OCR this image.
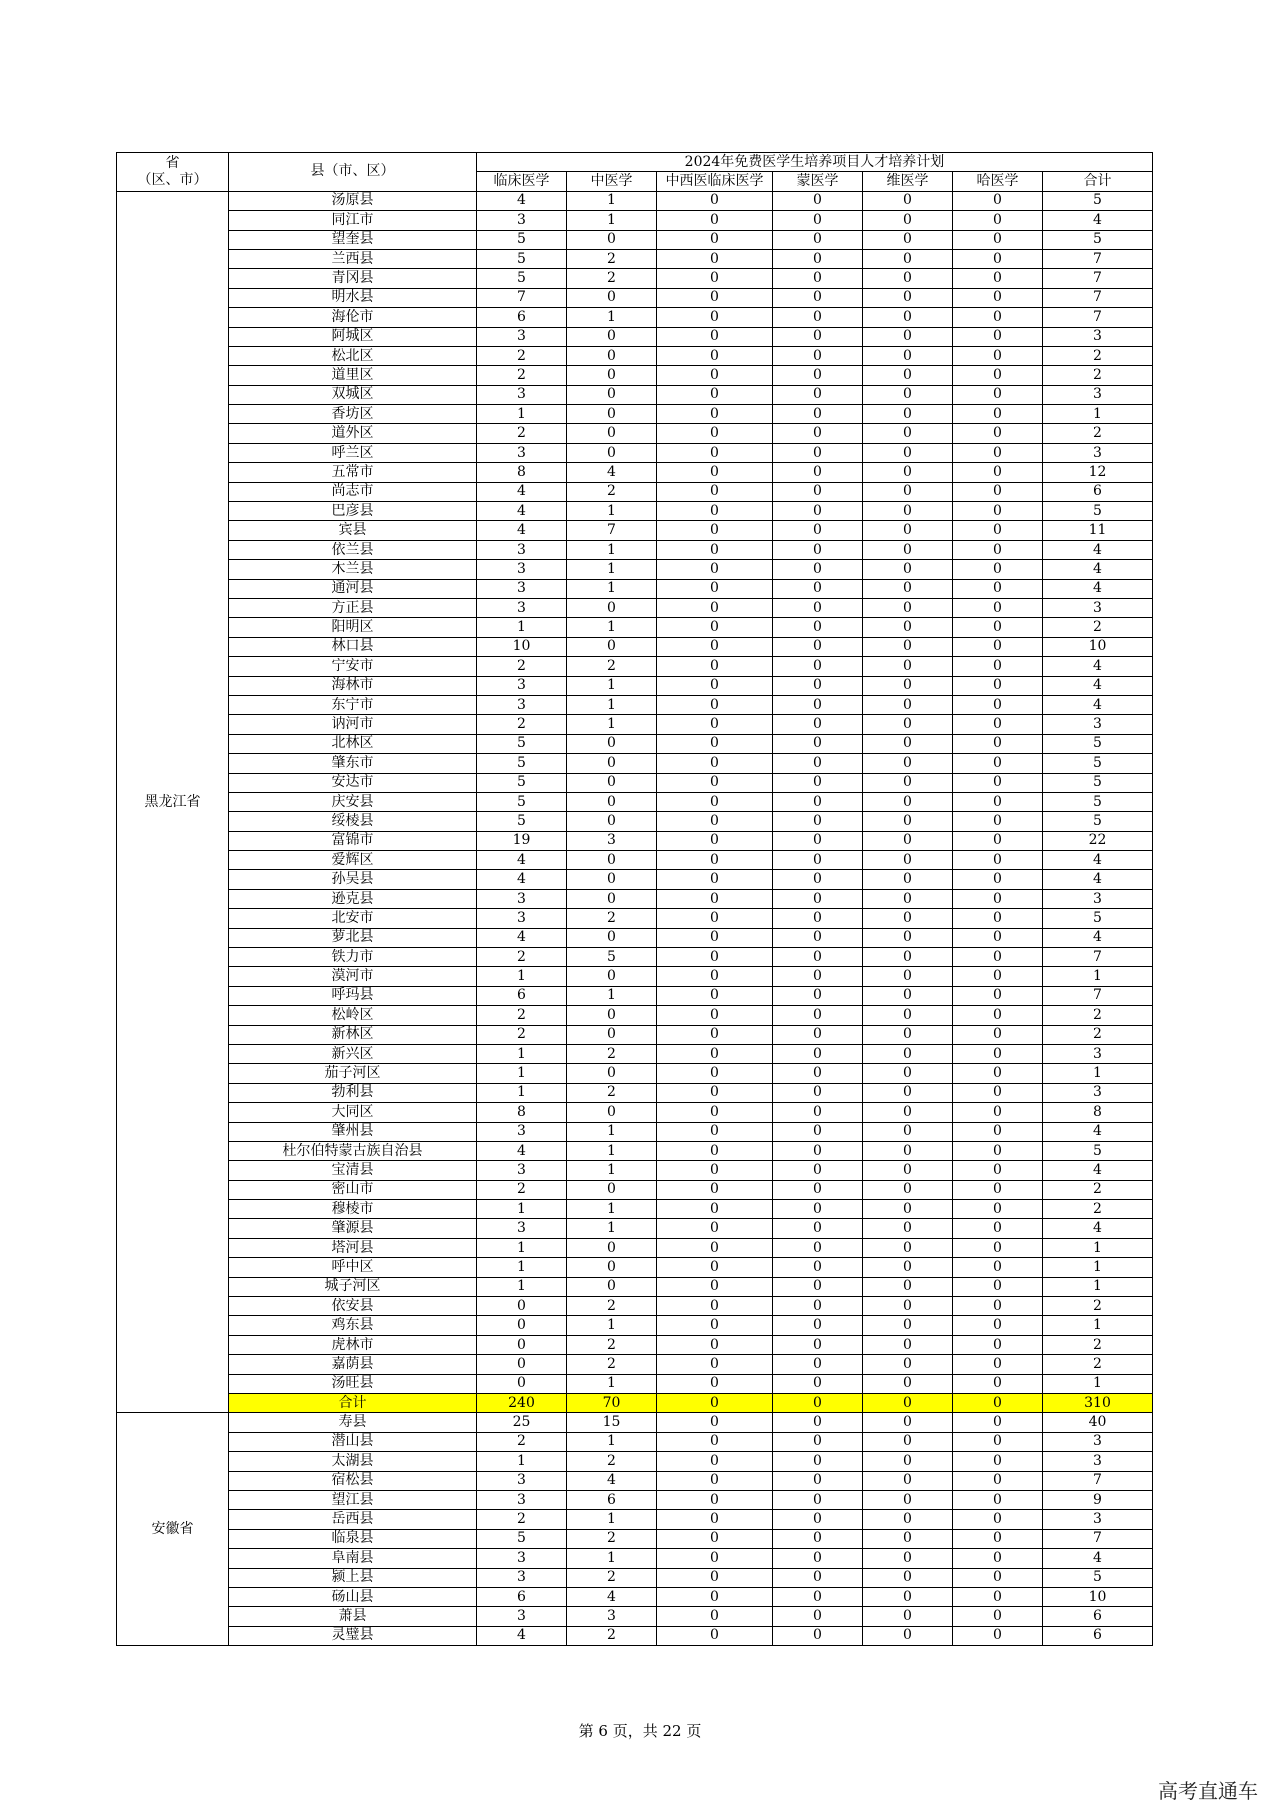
省
（区、市）	县（市、区）	2024年免费医学生培养项目人才培养计划						
		临床医学	中医学	中西医临床医学	蒙医学	维医学	哈医学	合计
黑龙江省	汤原县	4	1	0	0	0	0	5
	同江市	3	1	0	0	0	0	4
	望奎县	5	0	0	0	0	0	5
	兰西县	5	2	0	0	0	0	7
	青冈县	5	2	0	0	0	0	7
	明水县	7	0	0	0	0	0	7
	海伦市	6	1	0	0	0	0	7
	阿城区	3	0	0	0	0	0	3
	松北区	2	0	0	0	0	0	2
	道里区	2	0	0	0	0	0	2
	双城区	3	0	0	0	0	0	3
	香坊区	1	0	0	0	0	0	1
	道外区	2	0	0	0	0	0	2
	呼兰区	3	0	0	0	0	0	3
	五常市	8	4	0	0	0	0	12
	尚志市	4	2	0	0	0	0	6
	巴彦县	4	1	0	0	0	0	5
	宾县	4	7	0	0	0	0	11
	依兰县	3	1	0	0	0	0	4
	木兰县	3	1	0	0	0	0	4
	通河县	3	1	0	0	0	0	4
	方正县	3	0	0	0	0	0	3
	阳明区	1	1	0	0	0	0	2
	林口县	10	0	0	0	0	0	10
	宁安市	2	2	0	0	0	0	4
	海林市	3	1	0	0	0	0	4
	东宁市	3	1	0	0	0	0	4
	讷河市	2	1	0	0	0	0	3
	北林区	5	0	0	0	0	0	5
	肇东市	5	0	0	0	0	0	5
	安达市	5	0	0	0	0	0	5
	庆安县	5	0	0	0	0	0	5
	绥棱县	5	0	0	0	0	0	5
	富锦市	19	3	0	0	0	0	22
	爱辉区	4	0	0	0	0	0	4
	孙吴县	4	0	0	0	0	0	4
	逊克县	3	0	0	0	0	0	3
	北安市	3	2	0	0	0	0	5
	萝北县	4	0	0	0	0	0	4
	铁力市	2	5	0	0	0	0	7
	漠河市	1	0	0	0	0	0	1
	呼玛县	6	1	0	0	0	0	7
	松岭区	2	0	0	0	0	0	2
	新林区	2	0	0	0	0	0	2
	新兴区	1	2	0	0	0	0	3
	茄子河区	1	0	0	0	0	0	1
	勃利县	1	2	0	0	0	0	3
	大同区	8	0	0	0	0	0	8
	肇州县	3	1	0	0	0	0	4
	杜尔伯特蒙古族自治县	4	1	0	0	0	0	5
	宝清县	3	1	0	0	0	0	4
	密山市	2	0	0	0	0	0	2
	穆棱市	1	1	0	0	0	0	2
	肇源县	3	1	0	0	0	0	4
	塔河县	1	0	0	0	0	0	1
	呼中区	1	0	0	0	0	0	1
	城子河区	1	0	0	0	0	0	1
	依安县	0	2	0	0	0	0	2
	鸡东县	0	1	0	0	0	0	1
	虎林市	0	2	0	0	0	0	2
	嘉荫县	0	2	0	0	0	0	2
	汤旺县	0	1	0	0	0	0	1
	合计	240	70	0	0	0	0	310
安徽省	寿县	25	15	0	0	0	0	40
	潜山县	2	1	0	0	0	0	3
	太湖县	1	2	0	0	0	0	3
	宿松县	3	4	0	0	0	0	7
	望江县	3	6	0	0	0	0	9
	岳西县	2	1	0	0	0	0	3
	临泉县	5	2	0	0	0	0	7
	阜南县	3	1	0	0	0	0	4
	颍上县	3	2	0	0	0	0	5
	砀山县	6	4	0	0	0	0	10
	萧县	3	3	0	0	0	0	6
	灵璧县	4	2	0	0	0	0	6
第 6 页，共 22 页
高考直通车
